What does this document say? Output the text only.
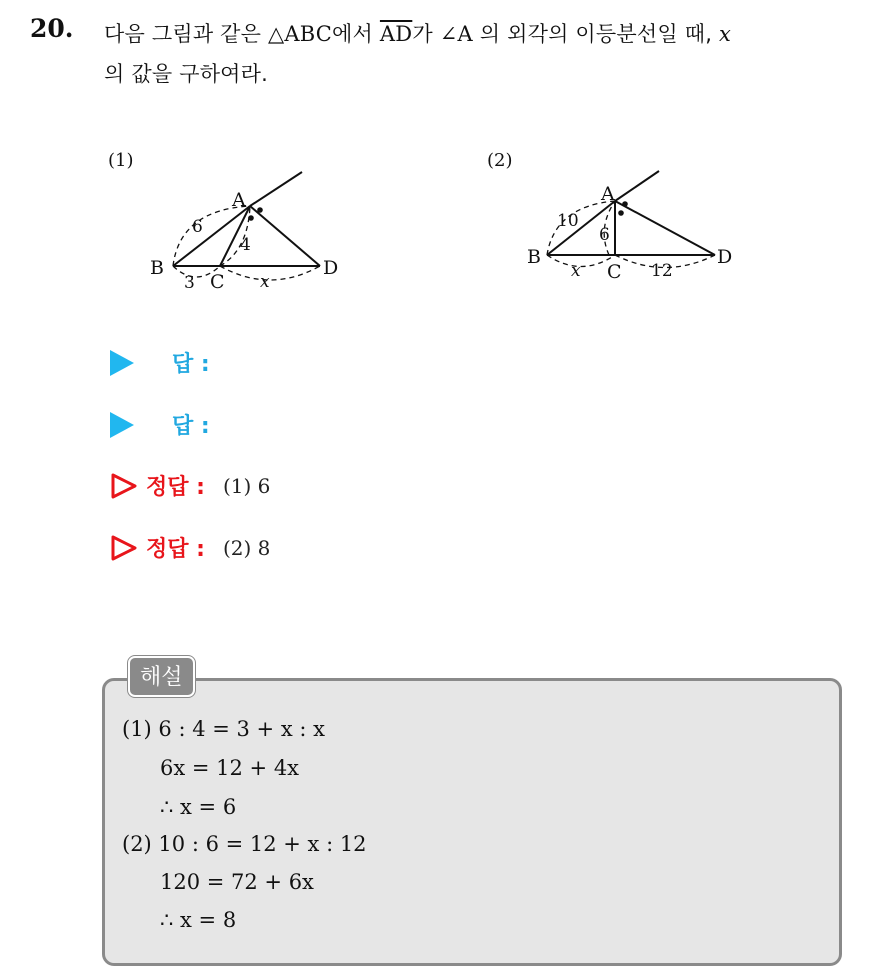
20. 다음 그림과 같은 △ABC에서 $\overline{AD}$가 ∠A 의 외각의 이등분선일 때, x
의 값을 구하여라.
(1)
A
B
C
D
6
4
3	x
(2)
A
B
C
D
10
6
x	12
답 :
답 :
정답 : (1) 6
정답 : (2) 8
해설
(1) 6 : 4 = 3 + x : x
6x = 12 + 4x
∴ x = 6
(2) 10 : 6 = 12 + x : 12
120 = 72 + 6x
∴ x = 8
